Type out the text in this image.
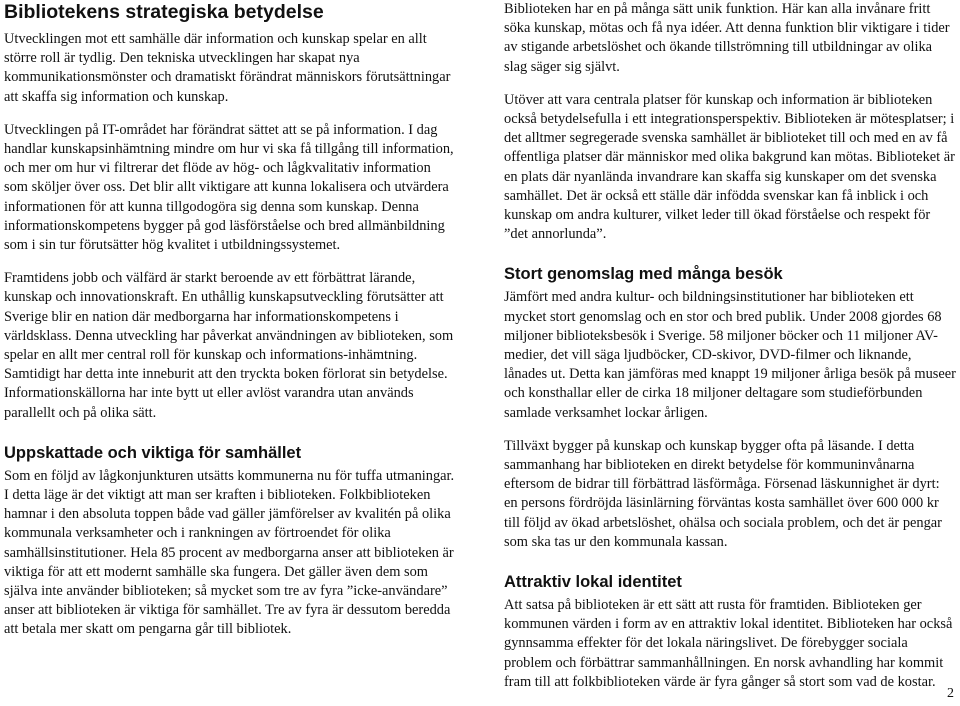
Bibliotekens strategiska betydelse

Utvecklingen mot ett samhälle där information och kunskap spelar en allt större roll är tydlig. Den tekniska utvecklingen har skapat nya kommunikationsmönster och dramatiskt förändrat människors förutsättningar att skaffa sig information och kunskap.

Utvecklingen på IT-området har förändrat sättet att se på information. I dag handlar kunskapsinhämtning mindre om hur vi ska få tillgång till information, och mer om hur vi filtrerar det flöde av hög- och lågkvalitativ information som sköljer över oss. Det blir allt viktigare att kunna lokalisera och utvärdera informationen för att kunna tillgodogöra sig denna som kunskap. Denna informationskompetens bygger på god läsförståelse och bred allmänbildning som i sin tur förutsätter hög kvalitet i utbildningssystemet.

Framtidens jobb och välfärd är starkt beroende av ett förbättrat lärande, kunskap och innovationskraft. En uthållig kunskapsutveckling förutsätter att Sverige blir en nation där medborgarna har informationskompetens i världsklass. Denna utveckling har påverkat användningen av biblioteken, som spelar en allt mer central roll för kunskap och informations-inhämtning. Samtidigt har detta inte inneburit att den tryckta boken förlorat sin betydelse. Informationskällorna har inte bytt ut eller avlöst varandra utan används parallellt och på olika sätt.

Uppskattade och viktiga för samhället

Som en följd av lågkonjunkturen utsätts kommunerna nu för tuffa utmaningar. I detta läge är det viktigt att man ser kraften i biblioteken. Folkbiblioteken hamnar i den absoluta toppen både vad gäller jämförelser av kvalitén på olika kommunala verksamheter och i rankningen av förtroendet för olika samhällsinstitutioner. Hela 85 procent av medborgarna anser att biblioteken är viktiga för att ett modernt samhälle ska fungera. Det gäller även dem som själva inte använder biblioteken; så mycket som tre av fyra ”icke-användare” anser att biblioteken är viktiga för samhället. Tre av fyra är dessutom beredda att betala mer skatt om pengarna går till bibliotek.

Biblioteken har en på många sätt unik funktion. Här kan alla invånare fritt söka kunskap, mötas och få nya idéer. Att denna funktion blir viktigare i tider av stigande arbetslöshet och ökande tillströmning till utbildningar av olika slag säger sig självt.

Utöver att vara centrala platser för kunskap och information är biblioteken också betydelsefulla i ett integrationsperspektiv. Biblioteken är mötesplatser; i det alltmer segregerade svenska samhället är biblioteket till och med en av få offentliga platser där människor med olika bakgrund kan mötas. Biblioteket är en plats där nyanlända invandrare kan skaffa sig kunskaper om det svenska samhället. Det är också ett ställe där infödda svenskar kan få inblick i och kunskap om andra kulturer, vilket leder till ökad förståelse och respekt för ”det annorlunda”.

Stort genomslag med många besök

Jämfört med andra kultur- och bildningsinstitutioner har biblioteken ett mycket stort genomslag och en stor och bred publik. Under 2008 gjordes 68 miljoner biblioteksbesök i Sverige. 58 miljoner böcker och 11 miljoner AV-medier, det vill säga ljudböcker, CD-skivor, DVD-filmer och liknande, lånades ut. Detta kan jämföras med knappt 19 miljoner årliga besök på museer och konsthallar eller de cirka 18 miljoner deltagare som studieförbunden samlade verksamhet lockar årligen.

Tillväxt bygger på kunskap och kunskap bygger ofta på läsande. I detta sammanhang har biblioteken en direkt betydelse för kommuninvånarna eftersom de bidrar till förbättrad läsförmåga. Försenad läskunnighet är dyrt: en persons fördröjda läsinlärning förväntas kosta samhället över 600 000 kr till följd av ökad arbetslöshet, ohälsa och sociala problem, och det är pengar som ska tas ur den kommunala kassan.

Attraktiv lokal identitet

Att satsa på biblioteken är ett sätt att rusta för framtiden. Biblioteken ger kommunen värden i form av en attraktiv lokal identitet. Biblioteken har också gynnsamma effekter för det lokala näringslivet. De förebygger sociala problem och förbättrar sammanhållningen. En norsk avhandling har kommit fram till att folkbiblioteken värde är fyra gånger så stort som vad de kostar.

2
